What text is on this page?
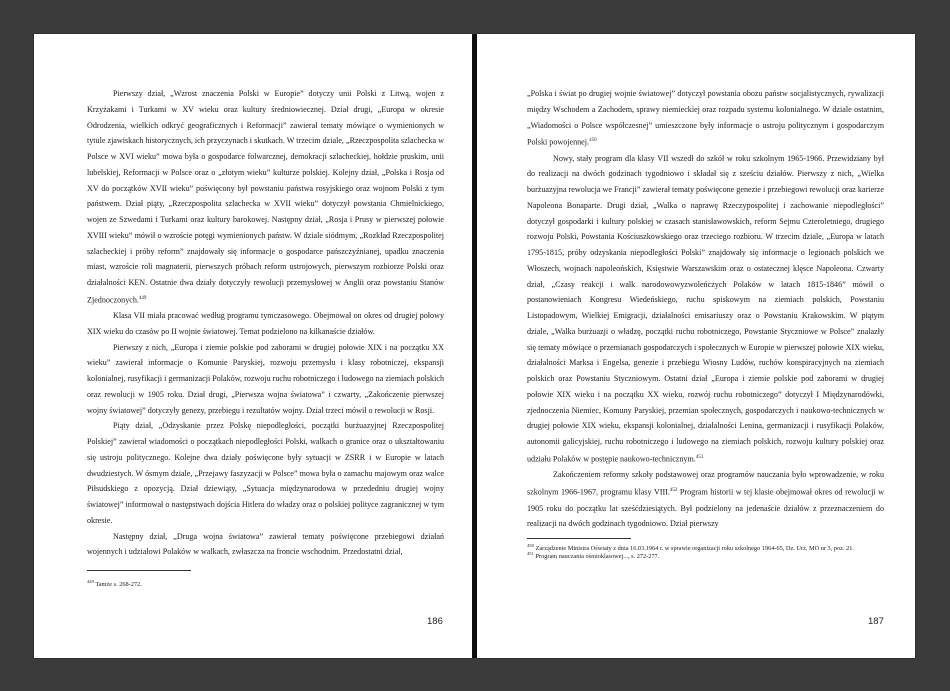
Pierwszy dział, „Wzrost znaczenia Polski w Europie” dotyczy unii Polski z Litwą, wojen z Krzyżakami i Turkami w XV wieku oraz kultury średniowiecznej. Dział drugi, „Europa w okresie Odrodzenia, wielkich odkryć geograficznych i Reformacji” zawierał tematy mówiące o wymienionych w tytule zjawiskach historycznych, ich przyczynach i skutkach. W trzecim dziale, „Rzeczpospolita szlachecka w Polsce w XVI wieku” mowa była o gospodarce folwarcznej, demokracji szlacheckiej, hołdzie pruskim, unii lubelskiej, Reformacji w Polsce oraz o „złotym wieku” kulturze polskiej. Kolejny dział, „Polska i Rosja od XV do początków XVII wieku” poświęcony był powstaniu państwa rosyjskiego oraz wojnom Polski z tym państwem. Dział piąty, „Rzeczpospolita szlachecka w XVII wieku” dotyczył powstania Chmielnickiego, wojen ze Szwedami i Turkami oraz kultury barokowej. Następny dział, „Rosja i Prusy w pierwszej połowie XVIII wieku” mówił o wzroście potęgi wymienionych państw. W dziale siódmym, „Rozkład Rzeczpospolitej szlacheckiej i próby reform” znajdowały się informacje o gospodarce pańszczyźnianej, upadku znaczenia miast, wzroście roli magnaterii, pierwszych próbach reform ustrojowych, pierwszym rozbiorze Polski oraz działalności KEN. Ostatnie dwa działy dotyczyły rewolucji przemysłowej w Anglii oraz powstaniu Stanów Zjednoczonych.$^{449}$

Klasa VII miała pracować według programu tymczasowego. Obejmował on okres od drugiej połowy XIX wieku do czasów po II wojnie światowej. Temat podzielono na kilkanaście działów.

Pierwszy z nich, „Europa i ziemie polskie pod zaborami w drugiej połowie XIX i na początku XX wieku” zawierał informacje o Komunie Paryskiej, rozwoju przemysłu i klasy robotniczej, ekspansji kolonialnej, rusyfikacji i germanizacji Polaków, rozwoju ruchu robotniczego i ludowego na ziemiach polskich oraz rewolucji w 1905 roku. Dział drugi, „Pierwsza wojna światowa” i czwarty, „Zakończenie pierwszej wojny światowej” dotyczyły genezy, przebiegu i rezultatów wojny. Dział trzeci mówił o rewolucji w Rosji.

Piąty dział, „Odzyskanie przez Polskę niepodległości, początki burżuazyjnej Rzeczpospolitej Polskiej” zawierał wiadomości o początkach niepodległości Polski, walkach o granice oraz o ukształtowaniu się ustroju politycznego. Kolejne dwa działy poświęcone były sytuacji w ZSRR i w Europie w latach dwudziestych. W ósmym dziale, „Przejawy faszyzacji w Polsce” mowa była o zamachu majowym oraz walce Piłsudskiego z opozycją. Dział dziewiąty, „Sytuacja międzynarodowa w przededniu drugiej wojny światowej” informował o następstwach dojścia Hitlera do władzy oraz o polskiej polityce zagranicznej w tym okresie.

Następny dział, „Druga wojna światowa” zawierał tematy poświęcone przebiegowi działań wojennych i udziałowi Polaków w walkach, zwłaszcza na froncie wschodnim. Przedostatni dział,

$^{449}$ Tamże s. 268-272.

186

„Polska i świat po drugiej wojnie światowej” dotyczył powstania obozu państw socjalistycznych, rywalizacji między Wschodem a Zachodem, sprawy niemieckiej oraz rozpadu systemu kolonialnego. W dziale ostatnim, „Wiadomości o Polsce współczesnej” umieszczone były informacje o ustroju politycznym i gospodarczym Polski powojennej.$^{450}$

Nowy, stały program dla klasy VII wszedł do szkół w roku szkolnym 1965-1966. Przewidziany był do realizacji na dwóch godzinach tygodniowo i składał się z sześciu działów. Pierwszy z nich, „Wielka burżuazyjna rewolucja we Francji” zawierał tematy poświęcone genezie i przebiegowi rewolucji oraz karierze Napoleona Bonaparte. Drugi dział, „Walka o naprawę Rzeczypospolitej i zachowanie niepodległości” dotyczył gospodarki i kultury polskiej w czasach stanisławowskich, reform Sejmu Czteroletniego, drugiego rozwoju Polski, Powstania Kościuszkowskiego oraz trzeciego rozbioru. W trzecim dziale, „Europa w latach 1795-1815, próby odzyskania niepodległości Polski” znajdowały się informacje o legionach polskich we Włoszech, wojnach napoleońskich, Księstwie Warszawskim oraz o ostatecznej klęsce Napoleona. Czwarty dział, „Czasy reakcji i walk narodowowyzwoleńczych Polaków w latach 1815-1846” mówił o postanowieniach Kongresu Wiedeńskiego, ruchu spiskowym na ziemiach polskich, Powstaniu Listopadowym, Wielkiej Emigracji, działalności emisariuszy oraz o Powstaniu Krakowskim. W piątym dziale, „Walka burżuazji o władzę, początki ruchu robotniczego, Powstanie Styczniowe w Polsce” znalazły się tematy mówiące o przemianach gospodarczych i społecznych w Europie w pierwszej połowie XIX wieku, działalności Marksa i Engelsa, genezie i przebiegu Wiosny Ludów, ruchów konspiracyjnych na ziemiach polskich oraz Powstaniu Styczniowym. Ostatni dział „Europa i ziemie polskie pod zaborami w drugiej połowie XIX wieku i na początku XX wieku, rozwój ruchu robotniczego” dotyczył I Międzynarodówki, zjednoczenia Niemiec, Komuny Paryskiej, przemian społecznych, gospodarczych i naukowo-technicznych w drugiej połowie XIX wieku, ekspansji kolonialnej, działalności Lenina, germanizacji i rusyfikacji Polaków, autonomii galicyjskiej, ruchu robotniczego i ludowego na ziemiach polskich, rozwoju kultury polskiej oraz udziału Polaków w postępie naukowo-technicznym.$^{451}$

Zakończeniem reformy szkoły podstawowej oraz programów nauczania było wprowadzenie, w roku szkolnym 1966-1967, programu klasy VIII.$^{452}$ Program historii w tej klasie obejmował okres od rewolucji w 1905 roku do początku lat sześćdziesiątych. Był podzielony na jedenaście działów z przeznaczeniem do realizacji na dwóch godzinach tygodniowo. Dział pierwszy

$^{450}$ Zarządzenie Ministra Oświaty z dnia 16.03.1964 r. w sprawie organizacji roku szkolnego 1964-65, Dz. Urz. MO nr 3, poz. 21.

$^{451}$ Program nauczania ośmioklasowej..., s. 272-277.

187
